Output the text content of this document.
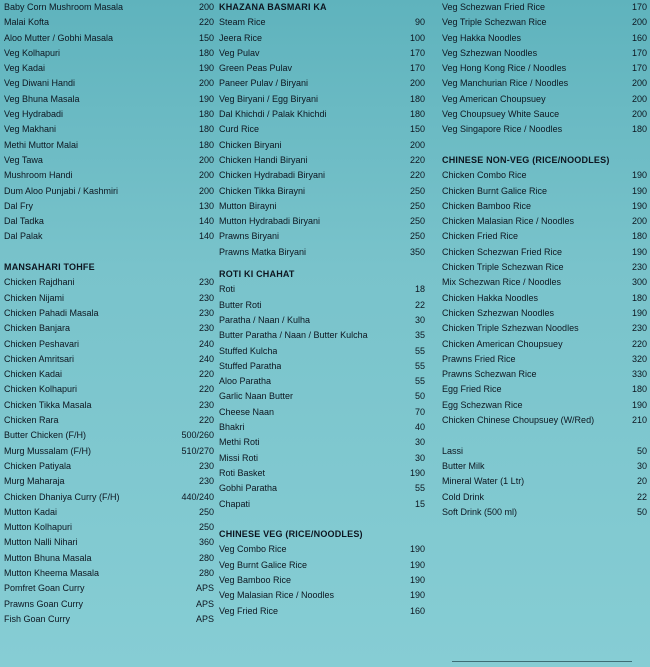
Baby Corn Mushroom Masala	200
Malai Kofta	220
Aloo Mutter / Gobhi Masala	150
Veg Kolhapuri	180
Veg Kadai	190
Veg Diwani Handi	200
Veg Bhuna Masala	190
Veg Hydrabadi	180
Veg Makhani	180
Methi Muttor Malai	180
Veg Tawa	200
Mushroom Handi	200
Dum Aloo Punjabi / Kashmiri	200
Dal Fry	130
Dal Tadka	140
Dal Palak	140
MANSAHARI TOHFE
Chicken Rajdhani	230
Chicken Nijami	230
Chicken Pahadi Masala	230
Chicken Banjara	230
Chicken Peshavari	240
Chicken Amritsari	240
Chicken Kadai	220
Chicken Kolhapuri	220
Chicken Tikka Masala	230
Chicken Rara	220
Butter Chicken (F/H)	500/260
Murg Mussalam (F/H)	510/270
Chicken Patiyala	230
Murg Maharaja	230
Chicken Dhaniya Curry (F/H)	440/240
Mutton Kadai	250
Mutton Kolhapuri	250
Mutton Nalli Nihari	360
Mutton Bhuna Masala	280
Mutton Kheema Masala	280
Pomfret Goan Curry	APS
Prawns Goan Curry	APS
Fish Goan Curry	APS
KHAZANA BASMARI KA
Steam Rice	90
Jeera Rice	100
Veg Pulav	170
Green Peas Pulav	170
Paneer Pulav / Biryani	200
Veg Biryani / Egg Biryani	180
Dal Khichdi / Palak Khichdi	180
Curd Rice	150
Chicken Biryani	200
Chicken Handi Biryani	220
Chicken Hydrabadi Biryani	220
Chicken Tikka Birayni	250
Mutton Birayni	250
Mutton Hydrabadi Biryani	250
Prawns Biryani	250
Prawns Matka Biryani	350
ROTI KI CHAHAT
Roti	18
Butter Roti	22
Paratha / Naan / Kulha	30
Butter Paratha / Naan / Butter Kulcha	35
Stuffed Kulcha	55
Stuffed Paratha	55
Aloo Paratha	55
Garlic Naan Butter	50
Cheese Naan	70
Bhakri	40
Methi Roti	30
Missi Roti	30
Roti Basket	190
Gobhi Paratha	55
Chapati	15
CHINESE VEG (RICE/NOODLES)
Veg Combo Rice	190
Veg Burnt Galice Rice	190
Veg Bamboo Rice	190
Veg Malasian Rice / Noodles	190
Veg Fried Rice	160
Veg Schezwan Fried Rice	170
Veg Triple Schezwan Rice	200
Veg Hakka Noodles	160
Veg Szhezwan Noodles	170
Veg Hong Kong Rice / Noodles	170
Veg Manchurian Rice / Noodles	200
Veg American Choupsuey	200
Veg Choupsuey White Sauce	200
Veg Singapore Rice / Noodles	180
CHINESE NON-VEG (RICE/NOODLES)
Chicken Combo Rice	190
Chicken Burnt Galice Rice	190
Chicken Bamboo Rice	190
Chicken Malasian Rice / Noodles	200
Chicken Fried Rice	180
Chicken Schezwan Fried Rice	190
Chicken Triple Schezwan Rice	230
Mix Schezwan Rice / Noodles	300
Chicken Hakka Noodles	180
Chicken Szhezwan Noodles	190
Chicken Triple Szhezwan Noodles	230
Chicken American Choupsuey	220
Prawns Fried Rice	320
Prawns Schezwan Rice	330
Egg Fried Rice	180
Egg Schezwan Rice	190
Chicken Chinese Choupsuey (W/Red)	210
Lassi	50
Butter Milk	30
Mineral Water (1 Ltr)	20
Cold Drink	22
Soft Drink (500 ml)	50
